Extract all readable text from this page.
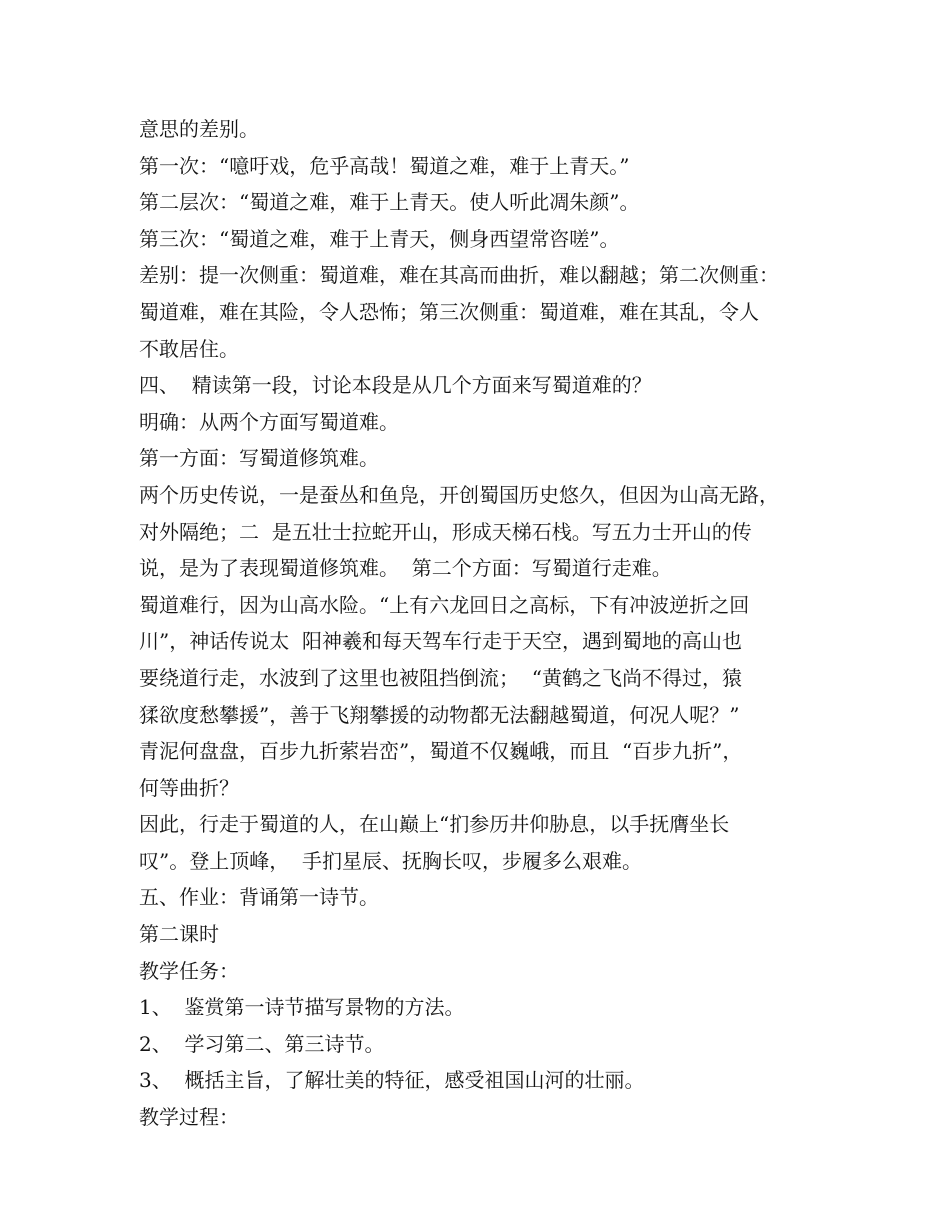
意思的差别。
第一次：“噫吁戏，危乎高哉！蜀道之难，难于上青天。”
第二层次：“蜀道之难，难于上青天。使人听此凋朱颜”。
第三次：“蜀道之难，难于上青天，侧身西望常咨嗟”。
差别：提一次侧重：蜀道难，难在其高而曲折，难以翻越；第二次侧重：
蜀道难，难在其险，令人恐怖；第三次侧重：蜀道难，难在其乱，令人
不敢居住。
四、  精读第一段，讨论本段是从几个方面来写蜀道难的？
明确：从两个方面写蜀道难。
第一方面：写蜀道修筑难。
两个历史传说，一是蚕丛和鱼凫，开创蜀国历史悠久，但因为山高无路，
对外隔绝；二  是五壮士拉蛇开山，形成天梯石栈。写五力士开山的传
说，是为了表现蜀道修筑难。  第二个方面：写蜀道行走难。
蜀道难行，因为山高水险。“上有六龙回日之高标，下有冲波逆折之回
川”，神话传说太  阳神羲和每天驾车行走于天空，遇到蜀地的高山也
要绕道行走，水波到了这里也被阻挡倒流；  “黄鹤之飞尚不得过，猿
猱欲度愁攀援”，善于飞翔攀援的动物都无法翻越蜀道，何况人呢？”
青泥何盘盘，百步九折萦岩峦”，蜀道不仅巍峨，而且  “百步九折”，
何等曲折？
因此，行走于蜀道的人，在山巅上“扪参历井仰胁息，以手抚膺坐长
叹”。登上顶峰，  手扪星辰、抚胸长叹，步履多么艰难。
五、作业：背诵第一诗节。
第二课时
教学任务：
1、  鉴赏第一诗节描写景物的方法。
2、  学习第二、第三诗节。
3、  概括主旨，了解壮美的特征，感受祖国山河的壮丽。
教学过程：
